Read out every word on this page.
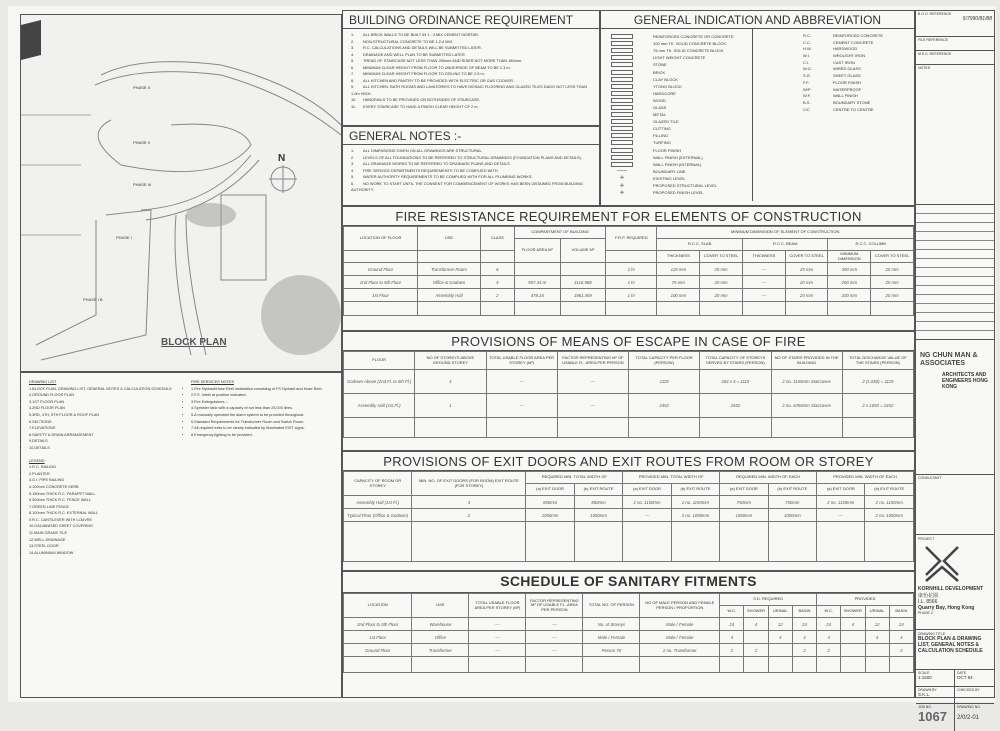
PHASE II
PHASE II
PHASE III
PHASE I
PHASE I B
N
BLOCK PLAN
DRAWING LIST
• 1.BLOCK PLAN, DRAWING LIST, GENERAL NOTES & CALCULATION SCHEDULE
• 2.GROUND FLOOR PLAN
• 3.1ST FLOOR PLAN
• 4.2ND FLOOR PLAN
• 5.3RD, 4TH, 5TH FLOOR & ROOF PLAN
• 6.SECTIONS
• 7.ELEVATIONS
• 8.SAFETY & DRAIN ARRANGEMENT
• 9.DETAILS
• 10.DETAILS
LEGEND
• 1.R.C. RAILING
• 2.PLANTER
• 3.G.I. PIPE RAILING
• 4.100mm CONCRETE KERB
• 5.150mm THICK R.C. PARAPET WALL
• 6.300mm THICK R.C. FENCE WALL
• 7.GREEN LINE FENCE
• 8.100mm THICK R.C. EXTERNAL WALL
• 9.R.C. CANTILEVER WITH LOUVRE
• 10.GALVANISED SHEET COVERING
• 11.MAIN GRADE TILE
• 12.WELL DRAINAGE
• 13.STEEL DOOR
• 14.ALUMINIUM WINDOW
FIRE SERVICES NOTES
• 1.Fire Hydrant/Hose Reel installation consisting of FS Hydrant and Hose Reel.
• 2.F.S. Inlets at position indicated.
• 3.Fire Extinguishers :-
• 4.Sprinkler tank with a capacity of not less than 25,000 litres.
• 5.A manually operated fire alarm system to be provided throughout.
• 6.Standard Requirements for Transformer Room and Switch Room.
• 7.All required exits to be clearly indicated by illuminated EXIT signs.
• 8.Emergency lighting to be provided.
BUILDING ORDINANCE REQUIREMENT
1. ALL BRICK WALLS TO BE BUILT IN 1 : 3 MIX CEMENT MORTAR.
2. NON-STRUCTURAL CONCRETE TO BE 1:2:4 MIX.
3. R.C. CALCULATIONS AND DETAILS WILL BE SUBMITTED LATER.
4. DRAINAGE AND WELL PLAN TO BE SUBMITTED LATER.
5. TREAD OF STAIRCASE NOT LESS THAN 250mm AND RISER NOT MORE THAN 180mm.
6. MINIMUM CLEAR HEIGHT FROM FLOOR TO UNDERSIDE OF BEAM TO BE 2.3 m.
7. MINIMUM CLEAR HEIGHT FROM FLOOR TO CEILING TO BE 2.5 m.
8. ALL KITCHEN AND PANTRY TO BE PROVIDED WITH ELECTRIC OR GAS COOKER.
9. ALL KITCHEN, BATH ROOMS AND LAVATORIES TO HAVE MOSAIC FLOORING AND GLAZED TILES DADO NOT LESS THAN 1.0m HIGH.
10. HANDRAILS TO BE PROVIDED ON BOTHSIDES OF STAIRCASE.
11. EVERY STAIRCASE TO HAVE A FINISH CLEAR HEIGHT OF 2 m.
GENERAL NOTES :-
1. ALL DIMENSIONS GIVEN ON ALL DRAWINGS ARE STRUCTURAL.
2. LEVELS OF ALL FOUNDATIONS TO BE REFERRED TO STRUCTURAL DRAWINGS (FOUNDATION PLANS AND DETAILS).
3. ALL DRAINAGE WORKS TO BE REFERRED TO DRAINAGE PLANS AND DETAILS.
4. FIRE SERVICE DEPARTMENTS REQUIREMENTS TO BE COMPLIED WITH.
5. WATER AUTHORITY REQUIREMENTS TO BE COMPLIED WITH FOR ALL PLUMBING WORKS.
6. NO WORK TO START UNTIL THE CONSENT FOR COMMENCEMENT OF WORKS HAS BEEN OBTAINED FROM BUILDING AUTHORITY.
GENERAL INDICATION AND ABBREVIATION
REINFORCED CONCRETE OR CONCRETE
100 mm TK. SOLID CONCRETE BLOCK
75 mm TK. SOLID CONCRETE BLOCK
LIGHT WEIGHT CONCRETE
STONE
BRICK
CLAY BLOCK
YTONG BLOCK
HARDCORE
WOOD
GLASS
METAL
GLAZED TILE
CUTTING
FILLING
TURFING
FLOOR FINISH
WALL FINISH (EXTERNAL)
WALL FINISH (INTERNAL)
——	BOUNDARY LINE
✛	EXISTING LEVEL
✛	PROPOSED STRUCTURAL LEVEL
✛	PROPOSED FINISH LEVEL
R.C.	REINFORCED CONCRETE
C.C.	CEMENT CONCRETE
H.W.	HARDWOOD
W.I.	WROUGHT IRON
C.I.	CAST IRON
W.G.	WIRED GLASS
S.G.	SHEET GLASS
F.F.	FLOOR FINISH
W/P	WATERPROOF
W.F.	WALL FINISH
B.S.	BOUNDARY STONE
C/C	CENTRE TO CENTRE
FIRE RESISTANCE REQUIREMENT FOR ELEMENTS OF CONSTRUCTION
LOCATION OF FLOOR	USE	CLASS	COMPARTMENT OF BUILDING		F.R.P. REQUIRED	MINIMUM DIMENSION OF ELEMENT OF CONSTRUCTION					
			FLOOR AREA M²	VOLUME M³		R.C.C. SLAB		R.C.C. BEAM		R.C.C. COLUMN	
						THICKNESS	COVER TO STEEL	THICKNESS	COVER TO STEEL	MINIMUM DIMENSION	COVER TO STEEL
Ground Floor	Transformer Room	6			2 hr	125 mm	25 mm	—	25 mm	300 mm	25 mm
2nd Floor to 5th Floor	Office & Godown	4	957.34 m	3116.988	1 hr	75 mm	20 mm	—	20 mm	200 mm	20 mm
1st Floor	Assembly Hall	2	478.16	1961.459	1 hr	100 mm	20 mm	—	20 mm	200 mm	20 mm

PROVISIONS OF MEANS OF ESCAPE IN CASE OF FIRE
FLOOR	NO OF STOREYS ABOVE GROUND STOREY	TOTAL USABLE FLOOR AREA PER STOREY (M²)	FACTOR REPRESENTING M² OF USABLE FL. AREA PER PERSON	TOTAL CAPACITY PER FLOOR (PERSON)	TOTAL CAPACITY OF STOREYS SERVED BY STAIRS (PERSON)	NO OF STAIRS PROVIDED IN THE BUILDING	TOTAL DISCHARGE VALUE OF THE STAIRS (PERSON)
Godown Above (2nd Fl. to 5th Fl.)	4	—	—	1119	263 x 4 = 1119	2 no. 1100mm Staircases	2 (1,650) = 1119
Assembly Hall (1st Fl.)	1	—	—	2452	2452	2 no. 1050mm Staircases	2 x 1050 = 2452

PROVISIONS OF EXIT DOORS AND EXIT ROUTES FROM ROOM OR STOREY
CAPACITY OF ROOM OR STOREY	MIN. NO. OF EXIT DOORS (FOR ROOM) EXIT ROUTE (FOR STOREY)	REQUIRED MIN. TOTAL WIDTH OF		PROVIDED MIN. TOTAL WIDTH OF		REQUIRED MIN. WIDTH OF EACH		PROVIDED MIN. WIDTH OF EACH	
		(a) EXIT DOOR	(b) EXIT ROUTE	(a) EXIT DOOR	(b) EXIT ROUTE	(a) EXIT DOOR	(b) EXIT ROUTE	(a) EXIT DOOR	(b) EXIT ROUTE
Assembly Hall (1st Fl.)	3	850mm	850mm	2 no. 1150mm	2 no. 1150mm	750mm	750mm	2 no. 1150mm	2 no. 1150mm
Typical Floor (Office & Godown)	2	1050mm	1050mm	—	2 no. 1050mm	1050mm	1050mm	—	2 no. 1050mm

SCHEDULE OF SANITARY FITMENTS
LOCATION	USE	TOTAL USABLE FLOOR AREA PER STOREY (M²)	FACTOR REPRESENTING M² OF USABLE FL. AREA PER PERSON	TOTAL NO. OF PERSON	NO OF MALE PERSON AND FEMALE PERSON / PROPORTION	S.D. REQUIRED				PROVIDED			
						W.C.	SHOWER	URINAL	BASIN	W.C.	SHOWER	URINAL	BASIN
2nd Floor to 5th Floor	Warehouse	—	—	No. of Storeys	Male / Female	24	4	12	24	24	4	12	24
1st Floor	Office	—	—	Male / Female	Male / Female	4		4	4	4		4	4
Ground Floor	Transformer	—	—	Person 70	2 no. Transformer	2	2		2	2			2

B.O.O. REFERENCE
5/7990/81/88
FILE REFERENCE
M.S.D. REFERENCE
NOTES
NG CHUN MAN & ASSOCIATES
ARCHITECTS AND ENGINEERS HONG KONG
CONSULTANT
PROJECT
KORNHILL DEVELOPMENT
康怡花園
I.L. 8566
Quarry Bay, Hong Kong
PHASE 2
DRAWING TITLE
BLOCK PLAN & DRAWING LIST, GENERAL NOTES & CALCULATION SCHEDULE
SCALE
1:1500
DATE
OCT 84
DRAWN BY
S.K.L.
CHECKED BY
JOB NO.
1067
DRAWING NO.
2/0/2-01
